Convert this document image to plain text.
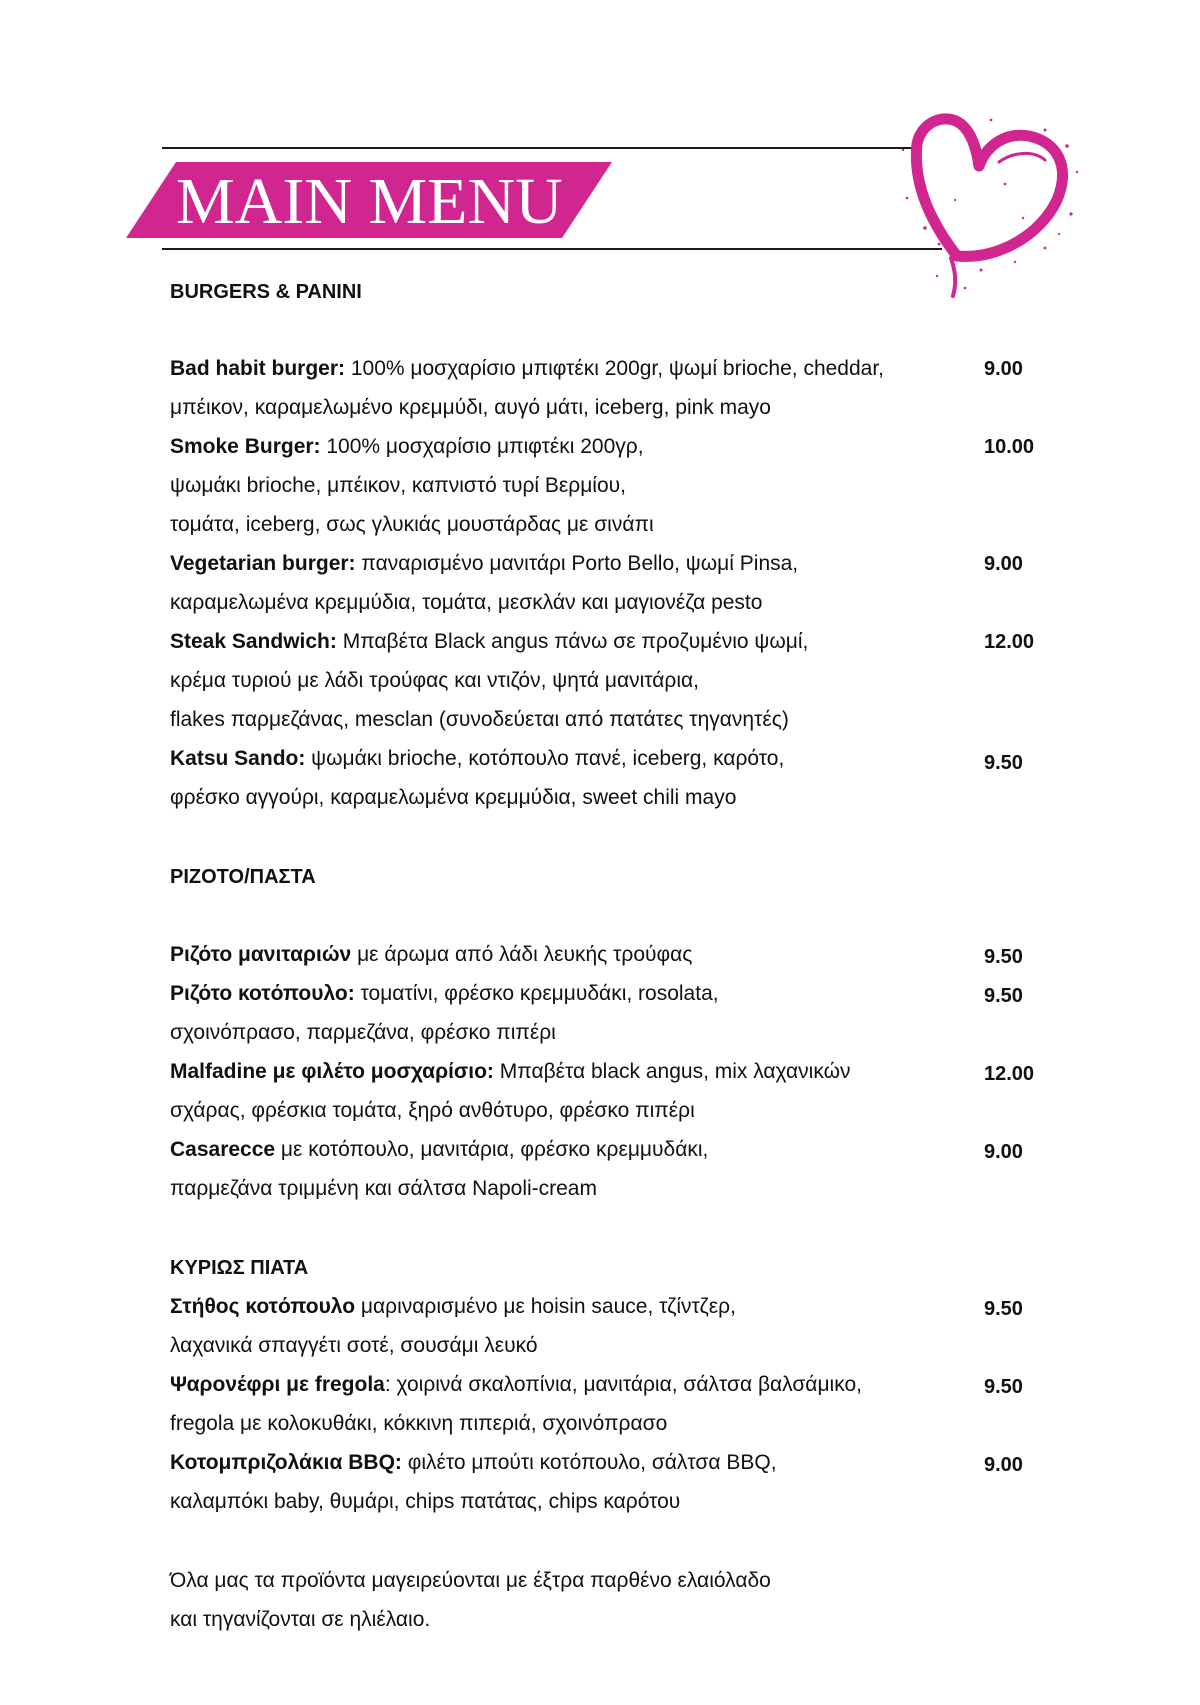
MAIN MENU
BURGERS & PANINI
Bad habit burger: 100% μοσχαρίσιο μπιφτέκι 200gr, ψωμί brioche, cheddar,
μπέικον, καραμελωμένο κρεμμύδι, αυγό μάτι, iceberg, pink mayo
9.00
Smoke Burger: 100% μοσχαρίσιο μπιφτέκι 200γρ,
ψωμάκι brioche, μπέικον, καπνιστό τυρί Βερμίου,
τομάτα, iceberg, σως γλυκιάς μουστάρδας με σινάπι
10.00
Vegetarian burger: παναρισμένο μανιτάρι Porto Bello, ψωμί Pinsa,
καραμελωμένα κρεμμύδια, τομάτα, μεσκλάν και μαγιονέζα pesto
9.00
Steak Sandwich: Μπαβέτα Black angus πάνω σε προζυμένιο ψωμί,
κρέμα τυριού με λάδι τρούφας και ντιζόν, ψητά μανιτάρια,
flakes παρμεζάνας, mesclan (συνοδεύεται από πατάτες τηγανητές)
12.00
Katsu Sando: ψωμάκι brioche, κοτόπουλο πανέ, iceberg, καρότο,
φρέσκο αγγούρι, καραμελωμένα κρεμμύδια, sweet chili mayo
9.50
ΡΙΖΟΤΟ/ΠΑΣΤΑ
Ριζότο μανιταριών με άρωμα από λάδι λευκής τρούφας	9.50
Ριζότο κοτόπουλο: τοματίνι, φρέσκο κρεμμυδάκι, rosolata,
σχοινόπρασο, παρμεζάνα, φρέσκο πιπέρι
9.50
Malfadine με φιλέτο μοσχαρίσιο: Μπαβέτα black angus, mix λαχανικών
σχάρας, φρέσκια τομάτα, ξηρό ανθότυρο, φρέσκο πιπέρι
12.00
Casarecce με κοτόπουλο, μανιτάρια, φρέσκο κρεμμυδάκι,
παρμεζάνα τριμμένη και σάλτσα Napoli-cream
9.00
ΚΥΡΙΩΣ ΠΙΑΤΑ
Στήθος κοτόπουλο μαριναρισμένο με hoisin sauce, τζίντζερ,
λαχανικά σπαγγέτι σοτέ, σουσάμι λευκό
9.50
Ψαρονέφρι με fregola: χοιρινά σκαλοπίνια, μανιτάρια, σάλτσα βαλσάμικο,
fregola με κολοκυθάκι, κόκκινη πιπεριά, σχοινόπρασο
9.50
Κοτομπριζολάκια BBQ: φιλέτο μπούτι κοτόπουλο, σάλτσα BBQ,
καλαμπόκι baby, θυμάρι, chips πατάτας, chips καρότου
9.00
Όλα μας τα προϊόντα μαγειρεύονται με έξτρα παρθένο ελαιόλαδο
και τηγανίζονται σε ηλιέλαιο.
